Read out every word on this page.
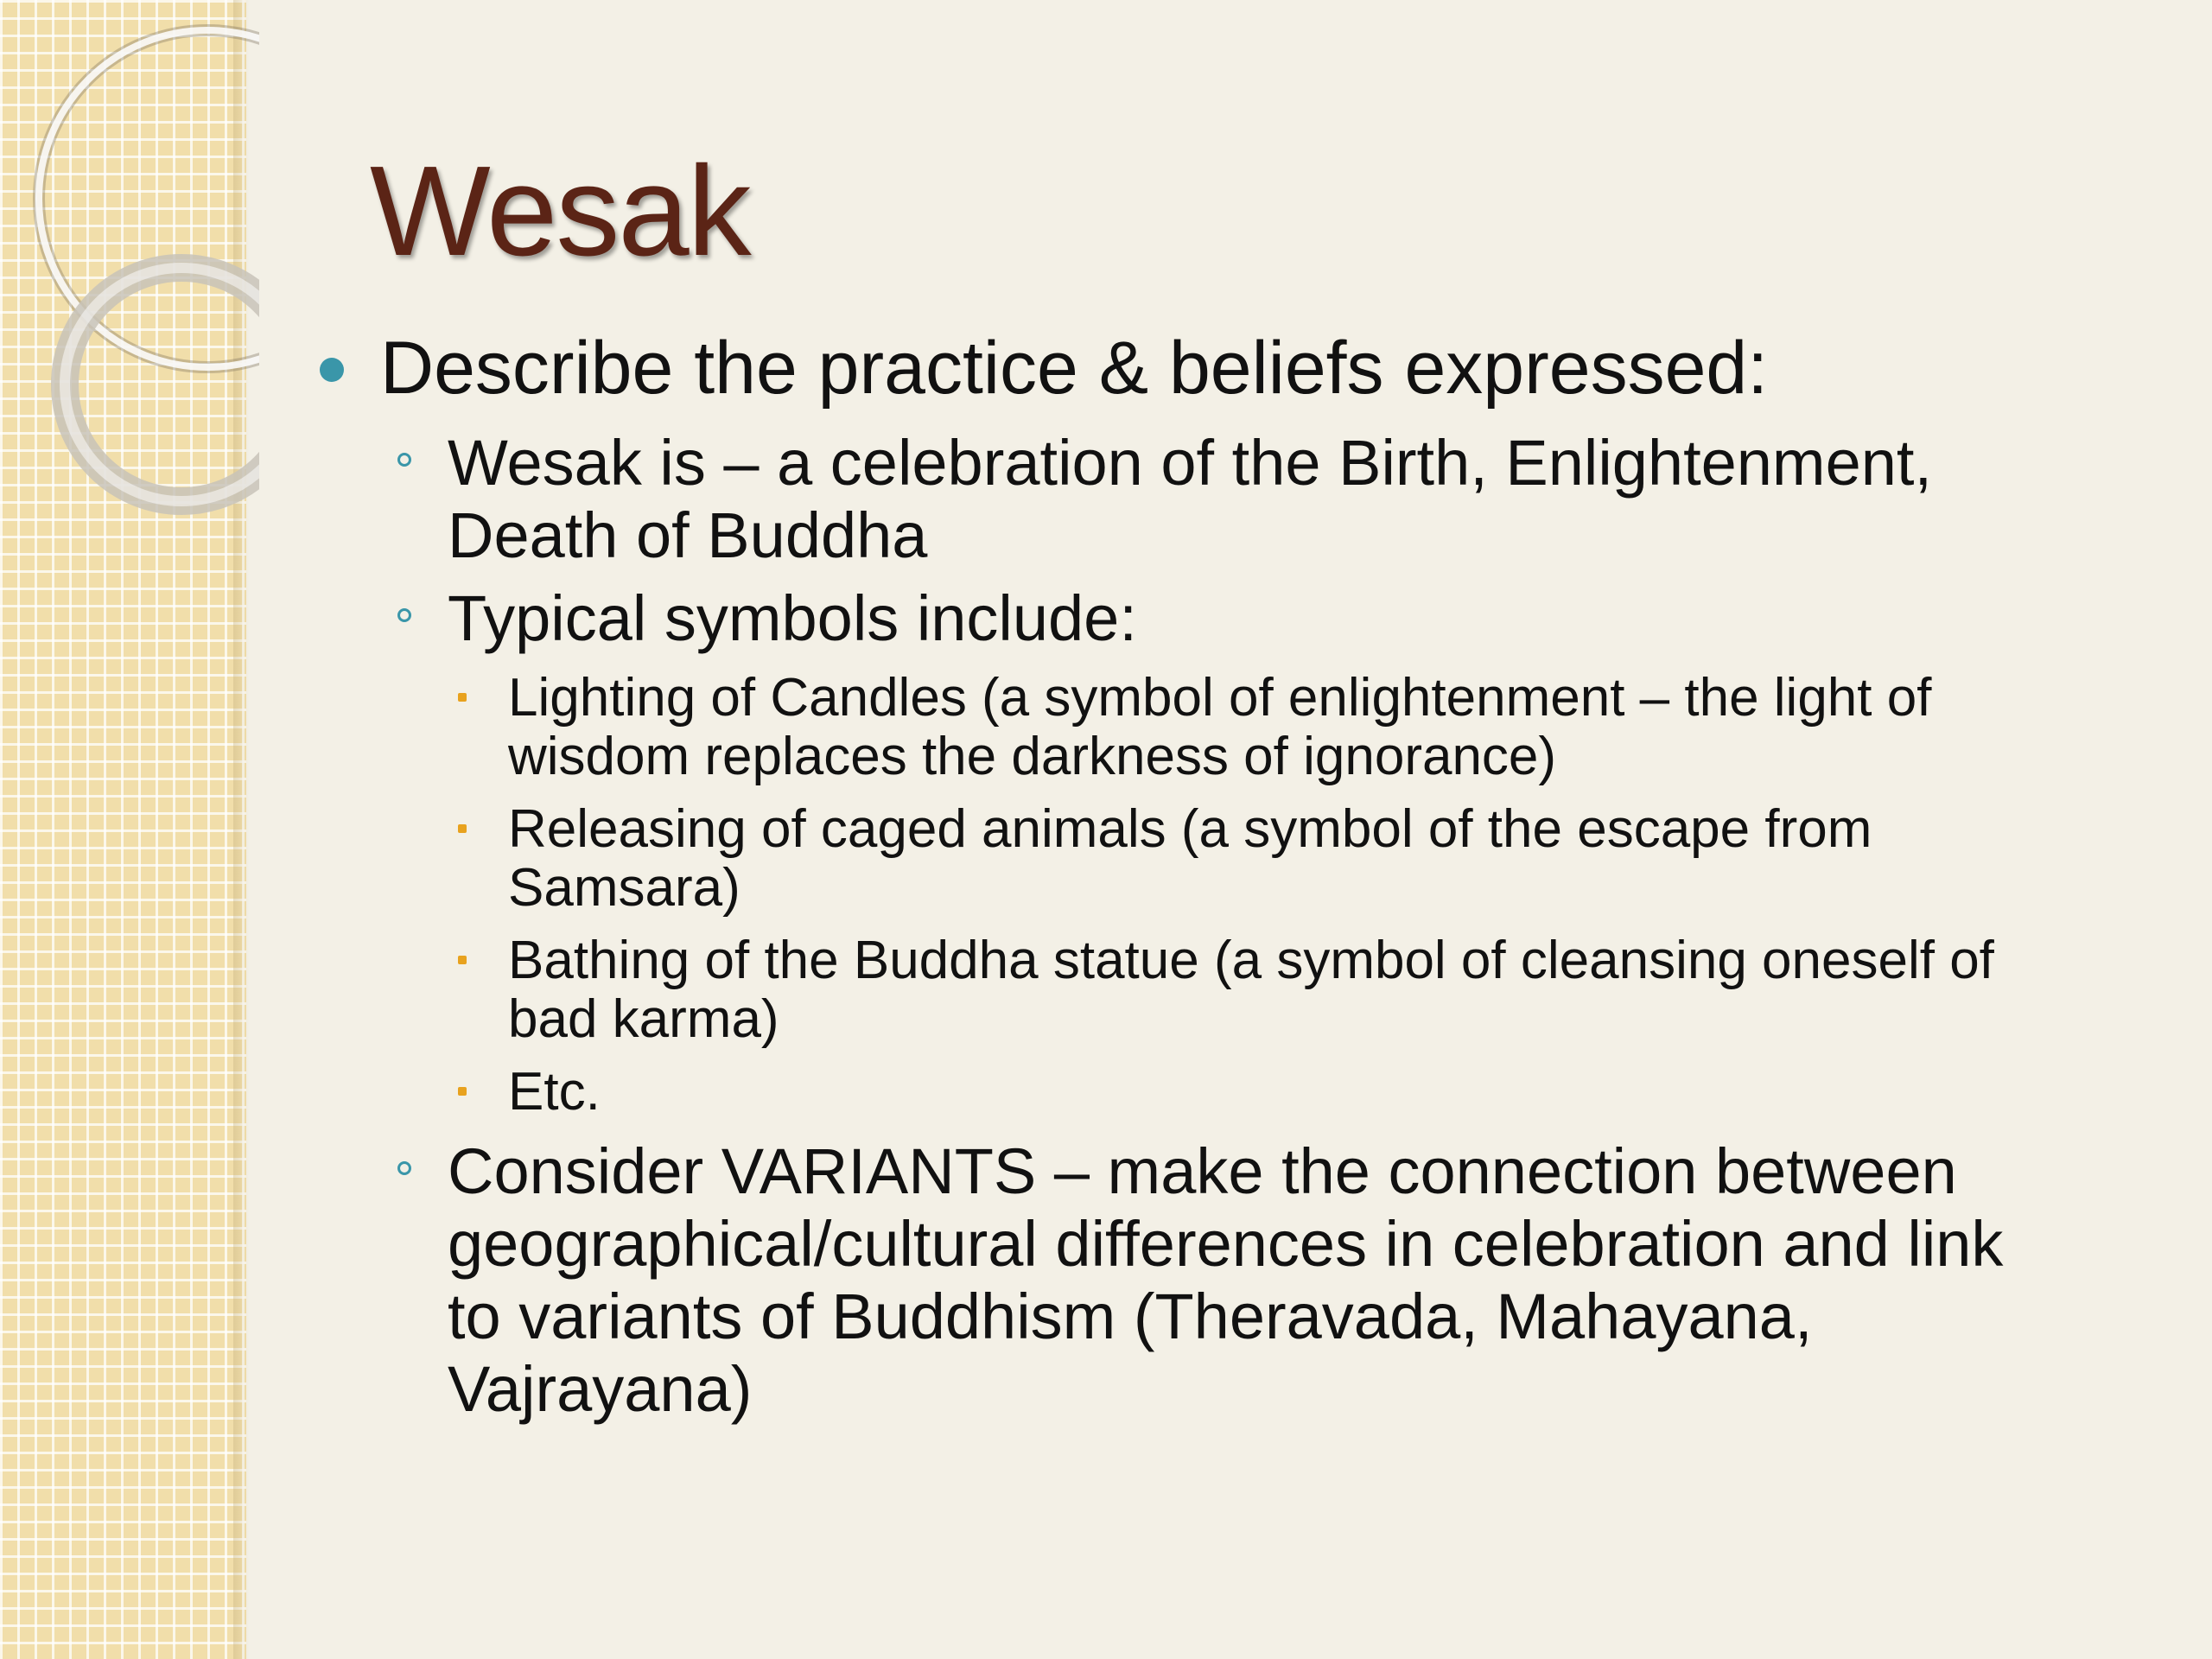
Wesak
Describe the practice & beliefs expressed:
Wesak is – a celebration of the Birth, Enlightenment, Death of Buddha
Typical symbols include:
Lighting of Candles (a symbol of enlightenment – the light of wisdom replaces the darkness of ignorance)
Releasing of caged animals (a symbol of the escape from Samsara)
Bathing of the Buddha statue (a symbol of cleansing oneself of bad karma)
Etc.
Consider VARIANTS – make the connection between geographical/cultural differences in celebration and link to variants of Buddhism (Theravada, Mahayana, Vajrayana)
